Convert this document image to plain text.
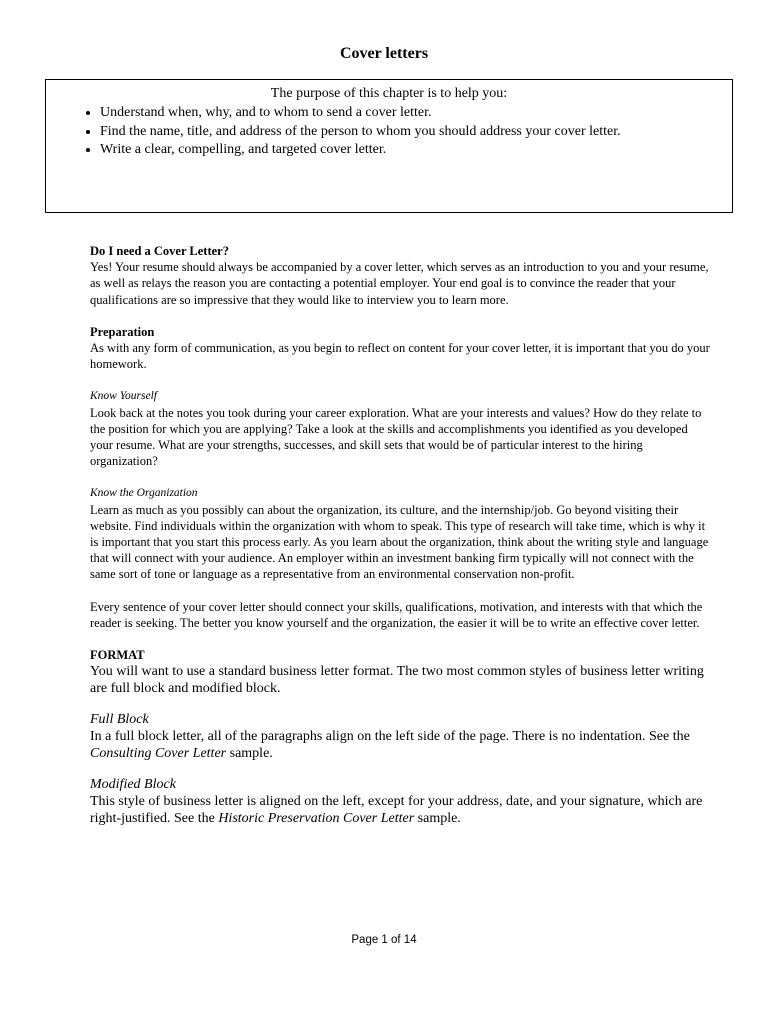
Cover letters
The purpose of this chapter is to help you:
• Understand when, why, and to whom to send a cover letter.
• Find the name, title, and address of the person to whom you should address your cover letter.
• Write a clear, compelling, and targeted cover letter.

Do I need a Cover Letter?

Yes! Your resume should always be accompanied by a cover letter, which serves as an introduction to you and your resume, as well as relays the reason you are contacting a potential employer. Your end goal is to convince the reader that your qualifications are so impressive that they would like to interview you to learn more.

Preparation

As with any form of communication, as you begin to reflect on content for your cover letter, it is important that you do your homework.

Know Yourself

Look back at the notes you took during your career exploration. What are your interests and values? How do they relate to the position for which you are applying? Take a look at the skills and accomplishments you identified as you developed your resume. What are your strengths, successes, and skill sets that would be of particular interest to the hiring organization?

Know the Organization

Learn as much as you possibly can about the organization, its culture, and the internship/job. Go beyond visiting their website. Find individuals within the organization with whom to speak. This type of research will take time, which is why it is important that you start this process early. As you learn about the organization, think about the writing style and language that will connect with your audience. An employer within an investment banking firm typically will not connect with the same sort of tone or language as a representative from an environmental conservation non-profit.

Every sentence of your cover letter should connect your skills, qualifications, motivation, and interests with that which the reader is seeking. The better you know yourself and the organization, the easier it will be to write an effective cover letter.

FORMAT

You will want to use a standard business letter format. The two most common styles of business letter writing are full block and modified block.

Full Block

In a full block letter, all of the paragraphs align on the left side of the page. There is no indentation. See the Consulting Cover Letter sample.

Modified Block

This style of business letter is aligned on the left, except for your address, date, and your signature, which are right-justified. See the Historic Preservation Cover Letter sample.

Page 1 of 14
